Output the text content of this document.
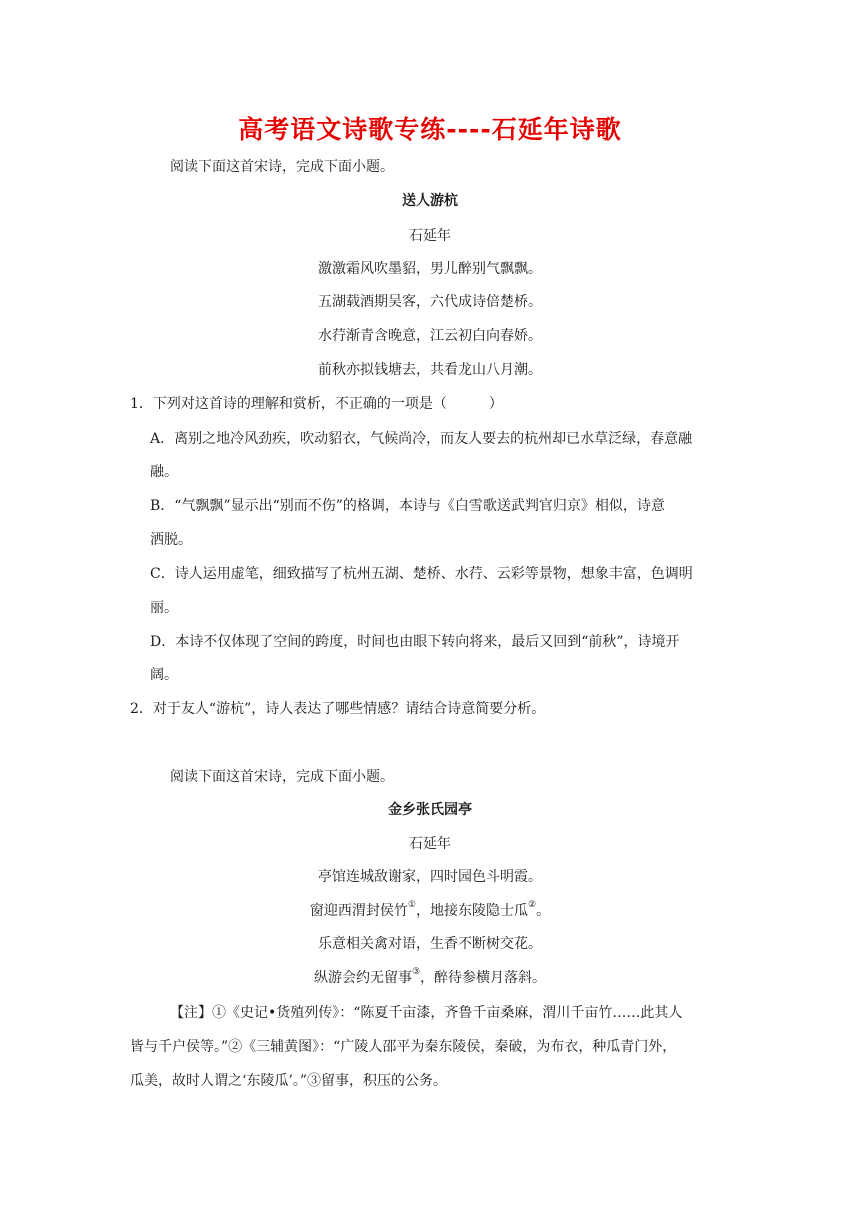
高考语文诗歌专练----石延年诗歌
阅读下面这首宋诗，完成下面小题。
送人游杭
石延年
激激霜风吹墨貂，男儿醉别气飘飘。
五湖载酒期吴客，六代成诗倍楚桥。
水荇渐青含晚意，江云初白向春娇。
前秋亦拟钱塘去，共看龙山八月潮。
1．下列对这首诗的理解和赏析，不正确的一项是（　　　）
A．离别之地冷风劲疾，吹动貂衣，气候尚冷，而友人要去的杭州却已水草泛绿，春意融
融。
B．“气飘飘”显示出“别而不伤”的格调，本诗与《白雪歌送武判官归京》相似，诗意
洒脱。
C．诗人运用虚笔，细致描写了杭州五湖、楚桥、水荇、云彩等景物，想象丰富，色调明
丽。
D．本诗不仅体现了空间的跨度，时间也由眼下转向将来，最后又回到“前秋”，诗境开
阔。
2．对于友人“游杭”，诗人表达了哪些情感？请结合诗意简要分析。
阅读下面这首宋诗，完成下面小题。
金乡张氏园亭
石延年
亭馆连城敌谢家，四时园色斗明霞。
窗迎西渭封侯竹①，地接东陵隐士瓜②。
乐意相关禽对语，生香不断树交花。
纵游会约无留事③，醉待参横月落斜。
【注】①《史记•货殖列传》：“陈夏千亩漆，齐鲁千亩桑麻，渭川千亩竹……此其人
皆与千户侯等。”②《三辅黄图》：“广陵人邵平为秦东陵侯，秦破，为布衣，种瓜青门外，
瓜美，故时人谓之‘东陵瓜’。”③留事，积压的公务。
